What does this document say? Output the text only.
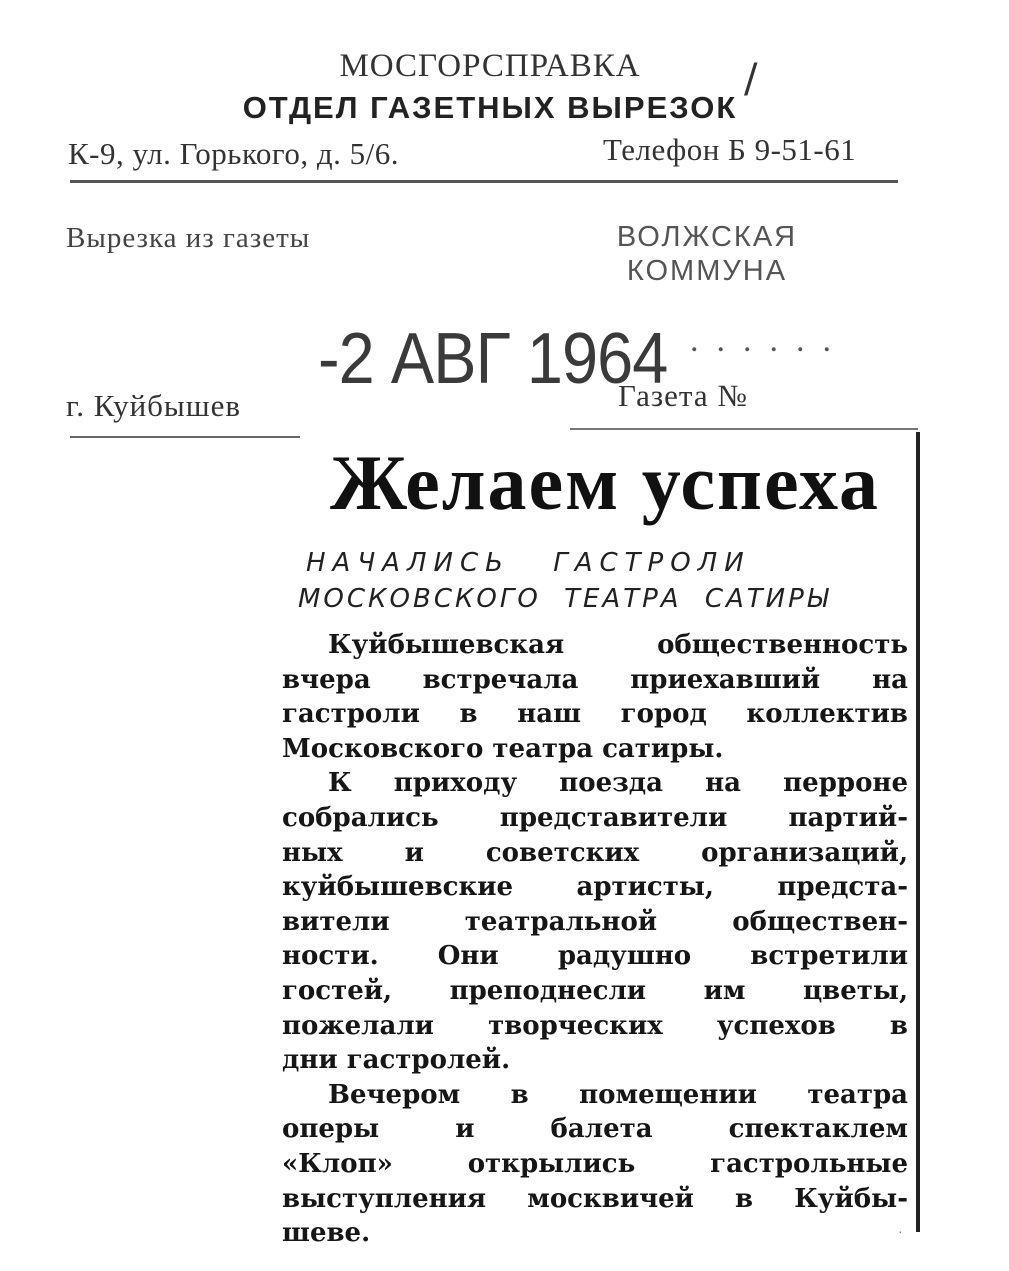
МОСГОРСПРАВКА
ОТДЕЛ ГАЗЕТНЫХ ВЫРЕЗОК
/
К-9, ул. Горького, д. 5/6.	Телефон Б 9-51-61
Вырезка из газеты	ВОЛЖСКАЯ КОММУНА
-2 АВГ 1964 ......
г. Куйбышев	Газета №
Желаем успеха
НАЧАЛИСЬ ГАСТРОЛИ
МОСКОВСКОГО ТЕАТРА САТИРЫ
Куйбышевская общественность
вчера встречала приехавший на
гастроли в наш город коллектив
Московского театра сатиры.
К приходу поезда на перроне
собрались представители партий-
ных и советских организаций,
куйбышевские артисты, предста-
вители театральной обществен-
ности. Они радушно встретили
гостей, преподнесли им цветы,
пожелали творческих успехов в
дни гастролей.
Вечером в помещении театра
оперы и балета спектаклем
«Клоп» открылись гастрольные
выступления москвичей в Куйбы-
шеве.	·
